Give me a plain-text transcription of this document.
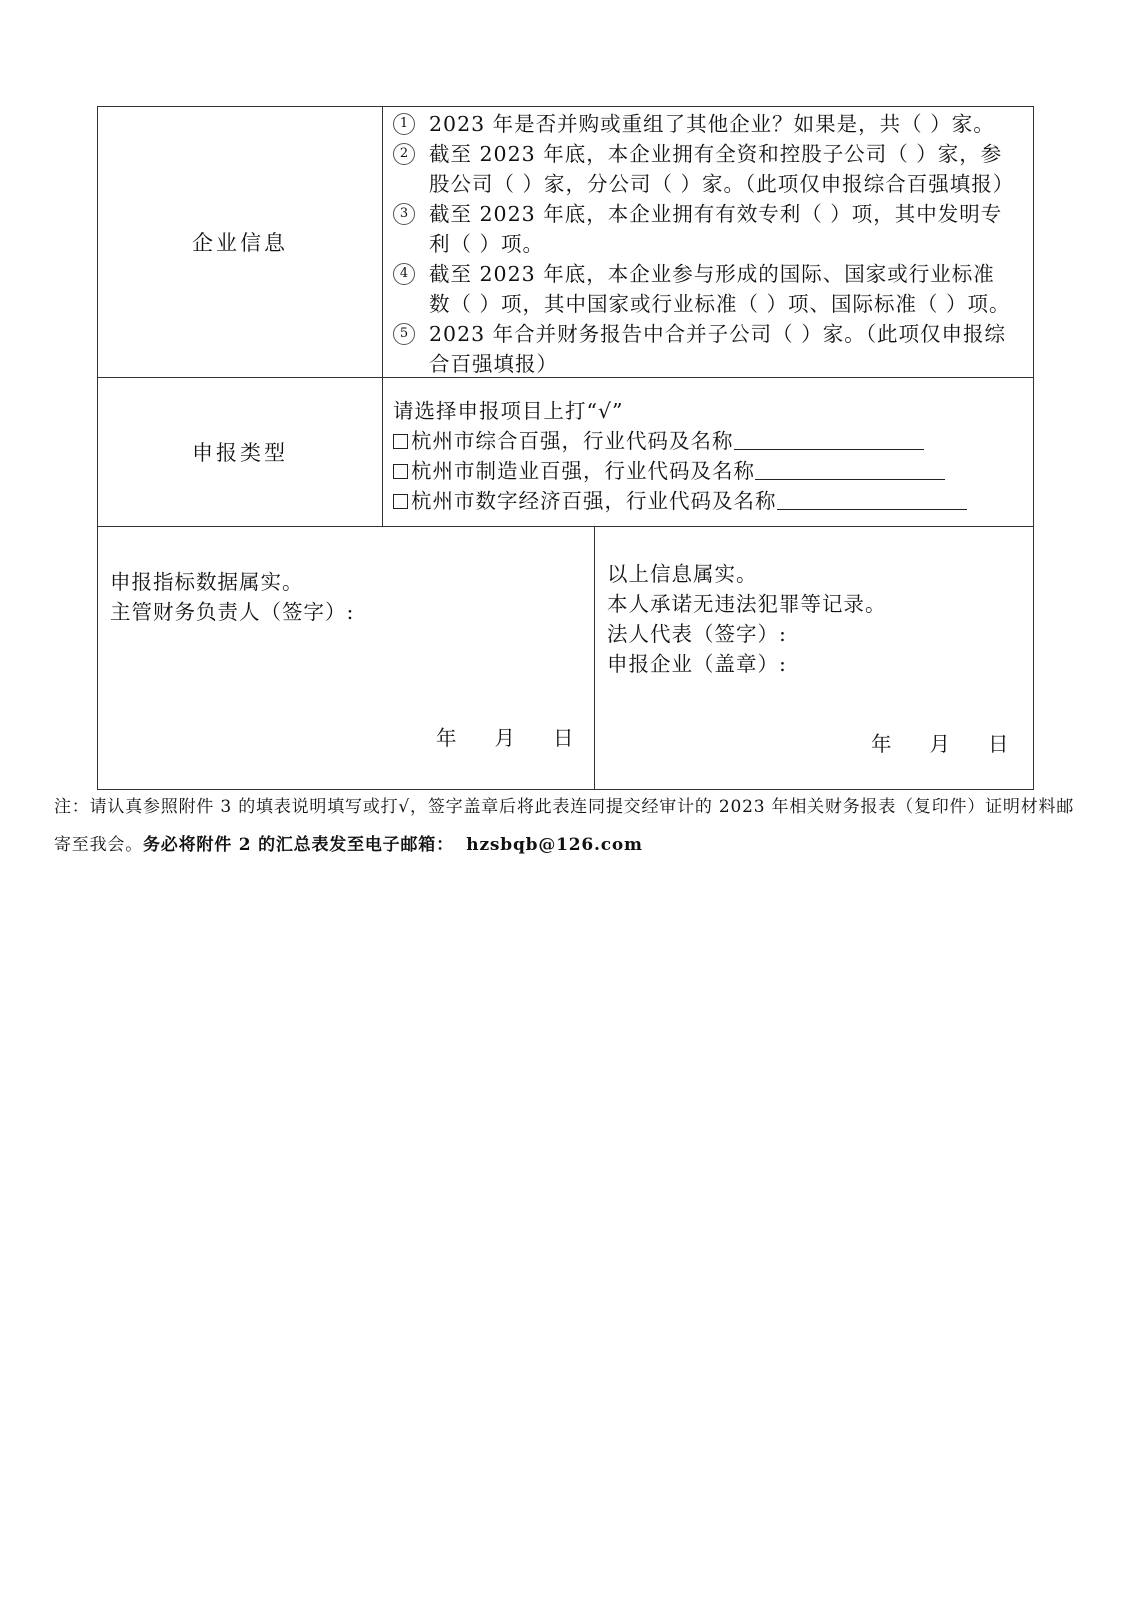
企业信息
1	2023 年是否并购或重组了其他企业？如果是，共（ ）家。
2	截至 2023 年底，本企业拥有全资和控股子公司（ ）家，参
股公司（ ）家，分公司（ ）家。（此项仅申报综合百强填报）
3	截至 2023 年底，本企业拥有有效专利（ ）项，其中发明专
利（ ）项。
4	截至 2023 年底，本企业参与形成的国际、国家或行业标准
数（ ）项，其中国家或行业标准（ ）项、国际标准（ ）项。
5	2023 年合并财务报告中合并子公司（ ）家。（此项仅申报综
合百强填报）
申报类型
请选择申报项目上打“√”
杭州市综合百强，行业代码及名称
杭州市制造业百强，行业代码及名称
杭州市数字经济百强，行业代码及名称
申报指标数据属实。
主管财务负责人（签字）:
年 月 日
以上信息属实。
本人承诺无违法犯罪等记录。
法人代表（签字）:
申报企业（盖章）:
年 月 日
注：请认真参照附件 3 的填表说明填写或打√，签字盖章后将此表连同提交经审计的 2023 年相关财务报表（复印件）证明材料邮寄至我会。务必将附件 2 的汇总表发至电子邮箱： hzsbqb@126.com
